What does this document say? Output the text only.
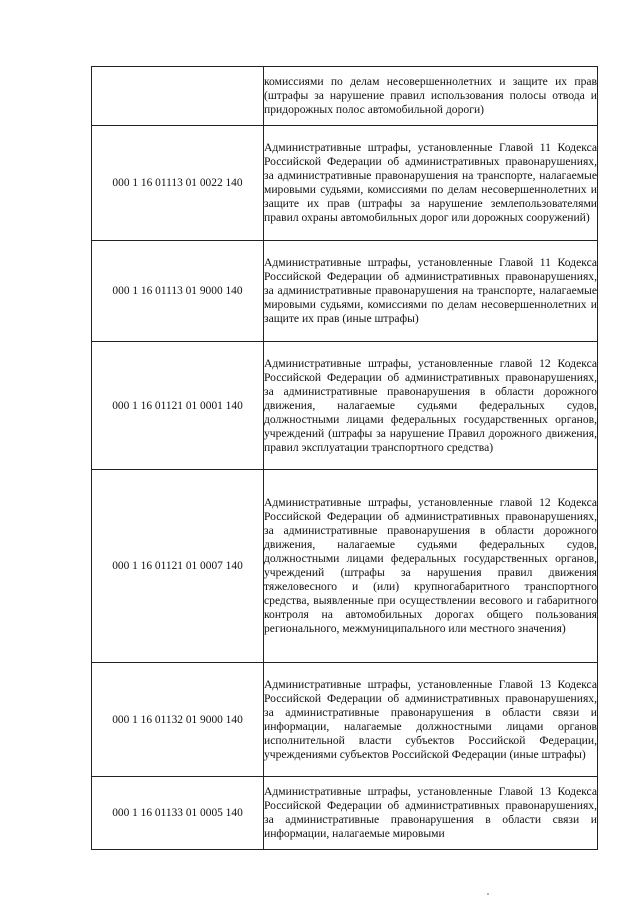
	комиссиями по делам несовершеннолетних и защите их прав (штрафы за нарушение правил использования полосы отвода и придорожных полос автомобильной дороги)
000 1 16 01113 01 0022 140	Административные штрафы, установленные Главой 11 Кодекса Российской Федерации об административных правонарушениях, за административные правонарушения на транспорте, налагаемые мировыми судьями, комиссиями по делам несовершеннолетних и защите их прав (штрафы за нарушение землепользователями правил охраны автомобильных дорог или дорожных сооружений)
000 1 16 01113 01 9000 140	Административные штрафы, установленные Главой 11 Кодекса Российской Федерации об административных правонарушениях, за административные правонарушения на транспорте, налагаемые мировыми судьями, комиссиями по делам несовершеннолетних и защите их прав (иные штрафы)
000 1 16 01121 01 0001 140	Административные штрафы, установленные главой 12 Кодекса Российской Федерации об административных правонарушениях, за административные правонарушения в области дорожного движения, налагаемые судьями федеральных судов, должностными лицами федеральных государственных органов, учреждений (штрафы за нарушение Правил дорожного движения, правил эксплуатации транспортного средства)
000 1 16 01121 01 0007 140	Административные штрафы, установленные главой 12 Кодекса Российской Федерации об административных правонарушениях, за административные правонарушения в области дорожного движения, налагаемые судьями федеральных судов, должностными лицами федеральных государственных органов, учреждений (штрафы за нарушения правил движения тяжеловесного и (или) крупногабаритного транспортного средства, выявленные при осуществлении весового и габаритного контроля на автомобильных дорогах общего пользования регионального, межмуниципального или местного значения)
000 1 16 01132 01 9000 140	Административные штрафы, установленные Главой 13 Кодекса Российской Федерации об административных правонарушениях, за административные правонарушения в области связи и информации, налагаемые должностными лицами органов исполнительной власти субъектов Российской Федерации, учреждениями субъектов Российской Федерации (иные штрафы)
000 1 16 01133 01 0005 140	Административные штрафы, установленные Главой 13 Кодекса Российской Федерации об административных правонарушениях, за административные правонарушения в области связи и информации, налагаемые мировыми
